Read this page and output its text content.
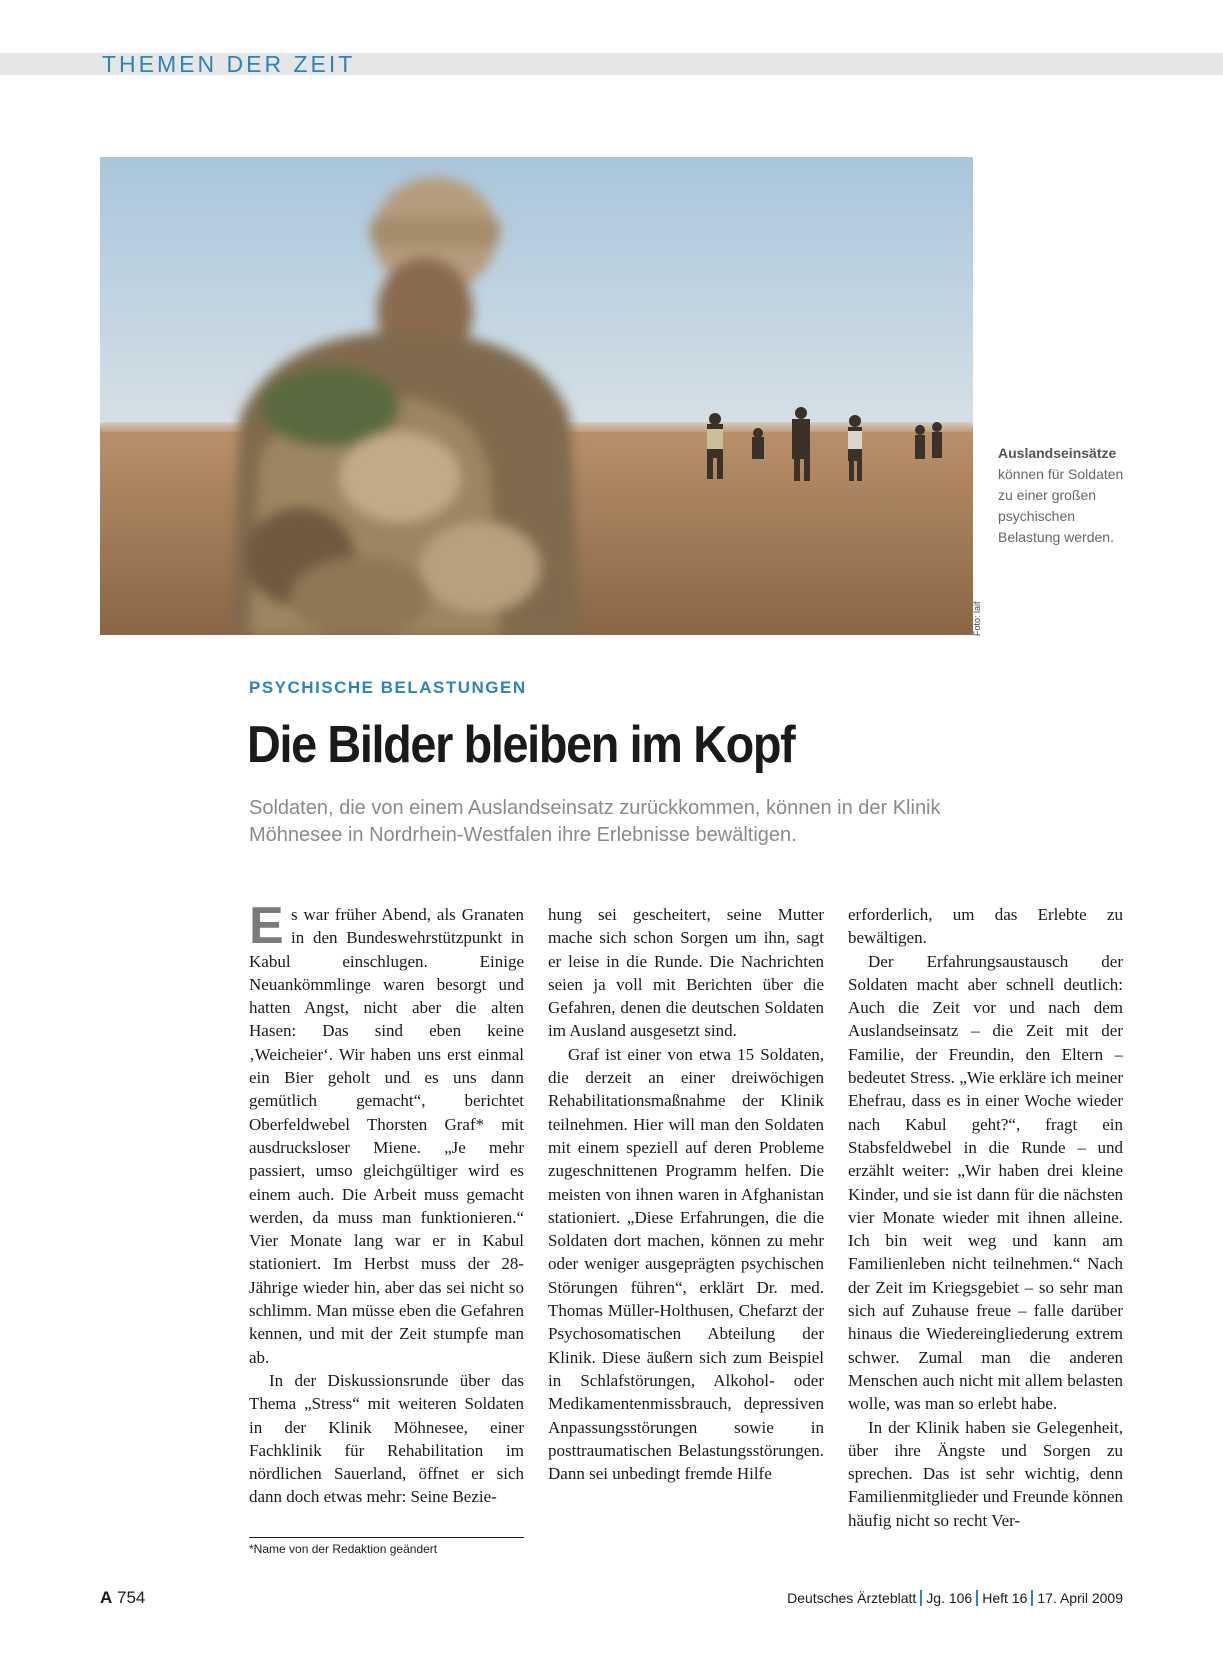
THEMEN DER ZEIT
Foto: laif
Auslandseinsätze
können für Soldaten zu einer großen psychischen Belastung werden.
PSYCHISCHE BELASTUNGEN
Die Bilder bleiben im Kopf
Soldaten, die von einem Auslandseinsatz zurückkommen, können in der Klinik Möhnesee in Nordrhein-Westfalen ihre Erlebnisse bewältigen.

Es war früher Abend, als Granaten in den Bundeswehrstützpunkt in Kabul einschlugen. Einige Neuankömmlinge waren besorgt und hatten Angst, nicht aber die alten Hasen: Das sind eben keine ‚Weicheier‘. Wir haben uns erst einmal ein Bier geholt und es uns dann gemütlich gemacht“, berichtet Oberfeldwebel Thorsten Graf* mit ausdrucksloser Miene. „Je mehr passiert, umso gleichgültiger wird es einem auch. Die Arbeit muss gemacht werden, da muss man funktionieren.“ Vier Monate lang war er in Kabul stationiert. Im Herbst muss der 28-Jährige wieder hin, aber das sei nicht so schlimm. Man müsse eben die Gefahren kennen, und mit der Zeit stumpfe man ab.

In der Diskussionsrunde über das Thema „Stress“ mit weiteren Soldaten in der Klinik Möhnesee, einer Fachklinik für Rehabilitation im nördlichen Sauerland, öffnet er sich dann doch etwas mehr: Seine Bezie-

hung sei gescheitert, seine Mutter mache sich schon Sorgen um ihn, sagt er leise in die Runde. Die Nachrichten seien ja voll mit Berichten über die Gefahren, denen die deutschen Soldaten im Ausland ausgesetzt sind.

Graf ist einer von etwa 15 Soldaten, die derzeit an einer dreiwöchigen Rehabilitationsmaßnahme der Klinik teilnehmen. Hier will man den Soldaten mit einem speziell auf deren Probleme zugeschnittenen Programm helfen. Die meisten von ihnen waren in Afghanistan stationiert. „Diese Erfahrungen, die die Soldaten dort machen, können zu mehr oder weniger ausgeprägten psychischen Störungen führen“, erklärt Dr. med. Thomas Müller-Holthusen, Chefarzt der Psychosomatischen Abteilung der Klinik. Diese äußern sich zum Beispiel in Schlafstörungen, Alkohol- oder Medikamentenmissbrauch, depressiven Anpassungsstörungen sowie in posttraumatischen Belastungsstörungen. Dann sei unbedingt fremde Hilfe

erforderlich, um das Erlebte zu bewältigen.

Der Erfahrungsaustausch der Soldaten macht aber schnell deutlich: Auch die Zeit vor und nach dem Auslandseinsatz – die Zeit mit der Familie, der Freundin, den Eltern – bedeutet Stress. „Wie erkläre ich meiner Ehefrau, dass es in einer Woche wieder nach Kabul geht?“, fragt ein Stabsfeldwebel in die Runde – und erzählt weiter: „Wir haben drei kleine Kinder, und sie ist dann für die nächsten vier Monate wieder mit ihnen alleine. Ich bin weit weg und kann am Familienleben nicht teilnehmen.“ Nach der Zeit im Kriegsgebiet – so sehr man sich auf Zuhause freue – falle darüber hinaus die Wiedereingliederung extrem schwer. Zumal man die anderen Menschen auch nicht mit allem belasten wolle, was man so erlebt habe.

In der Klinik haben sie Gelegenheit, über ihre Ängste und Sorgen zu sprechen. Das ist sehr wichtig, denn Familienmitglieder und Freunde können häufig nicht so recht Ver-

*Name von der Redaktion geändert
A 754	Deutsches Ärzteblatt Jg. 106 Heft 16 17. April 2009
